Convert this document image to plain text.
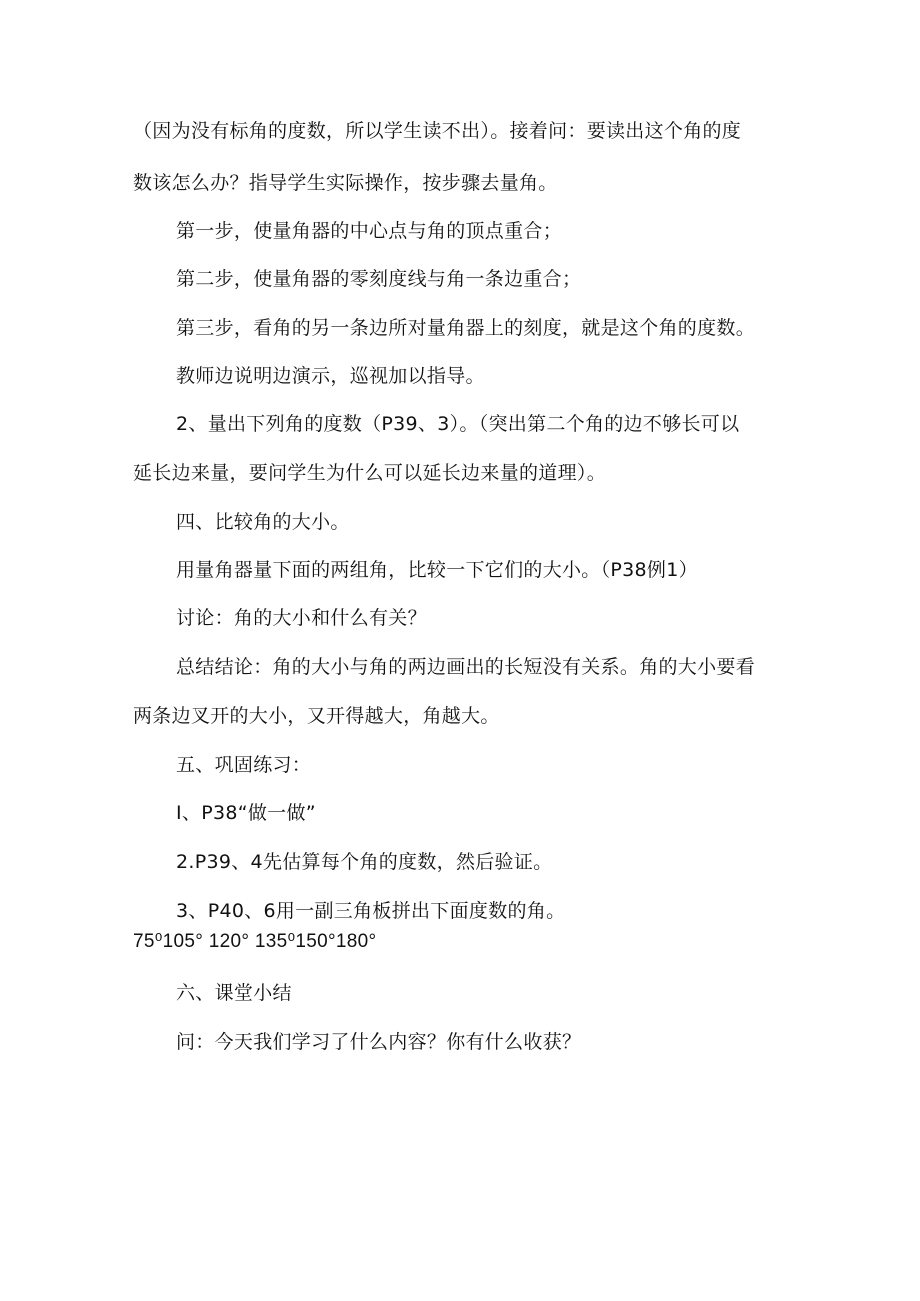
（因为没有标角的度数，所以学生读不出）。接着问：要读出这个角的度

数该怎么办？指导学生实际操作，按步骤去量角。

第一步，使量角器的中心点与角的顶点重合；

第二步，使量角器的零刻度线与角一条边重合；

第三步，看角的另一条边所对量角器上的刻度，就是这个角的度数。

教师边说明边演示，巡视加以指导。

2、量出下列角的度数（P39、3）。（突出第二个角的边不够长可以

延长边来量，要问学生为什么可以延长边来量的道理）。

四、比较角的大小。

用量角器量下面的两组角，比较一下它们的大小。（P38例1）

讨论：角的大小和什么有关？

总结结论：角的大小与角的两边画出的长短没有关系。角的大小要看

两条边叉开的大小，又开得越大，角越大。

五、巩固练习：

I、P38“做一做”

2.P39、4先估算每个角的度数，然后验证。

3、P40、6用一副三角板拼出下面度数的角。

75⁰105° 120° 135⁰150°180°

六、课堂小结

问：今天我们学习了什么内容？你有什么收获？
